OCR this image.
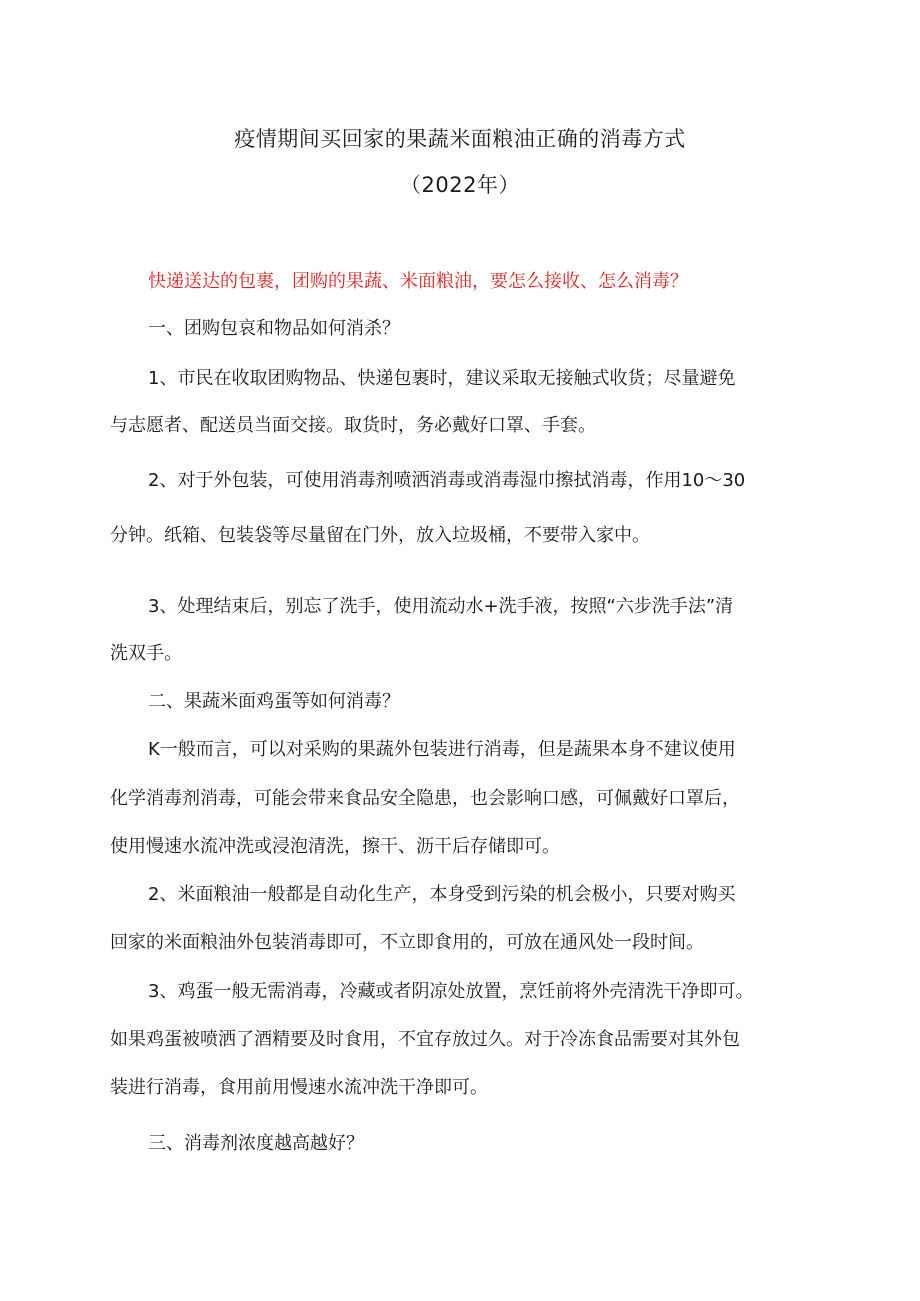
疫情期间买回家的果蔬米面粮油正确的消毒方式
（2022年）

快递送达的包裹，团购的果蔬、米面粮油，要怎么接收、怎么消毒？

一、团购包哀和物品如何消杀？

1、市民在收取团购物品、快递包裹时，建议采取无接触式收货；尽量避免

与志愿者、配送员当面交接。取货时，务必戴好口罩、手套。

2、对于外包装，可使用消毒剂喷洒消毒或消毒湿巾擦拭消毒，作用10～30

分钟。纸箱、包装袋等尽量留在门外，放入垃圾桶，不要带入家中。

3、处理结束后，别忘了洗手，使用流动水+洗手液，按照“六步洗手法”清

洗双手。

二、果蔬米面鸡蛋等如何消毒？

K一般而言，可以对采购的果蔬外包装进行消毒，但是蔬果本身不建议使用

化学消毒剂消毒，可能会带来食品安全隐患，也会影响口感，可佩戴好口罩后，

使用慢速水流冲洗或浸泡清洗，擦干、沥干后存储即可。

2、米面粮油一般都是自动化生产，本身受到污染的机会极小，只要对购买

回家的米面粮油外包装消毒即可，不立即食用的，可放在通风处一段时间。

3、鸡蛋一般无需消毒，冷藏或者阴凉处放置，烹饪前将外壳清洗干净即可。

如果鸡蛋被喷洒了酒精要及时食用，不宜存放过久。对于冷冻食品需要对其外包

装进行消毒，食用前用慢速水流冲洗干净即可。

三、消毒剂浓度越高越好？
